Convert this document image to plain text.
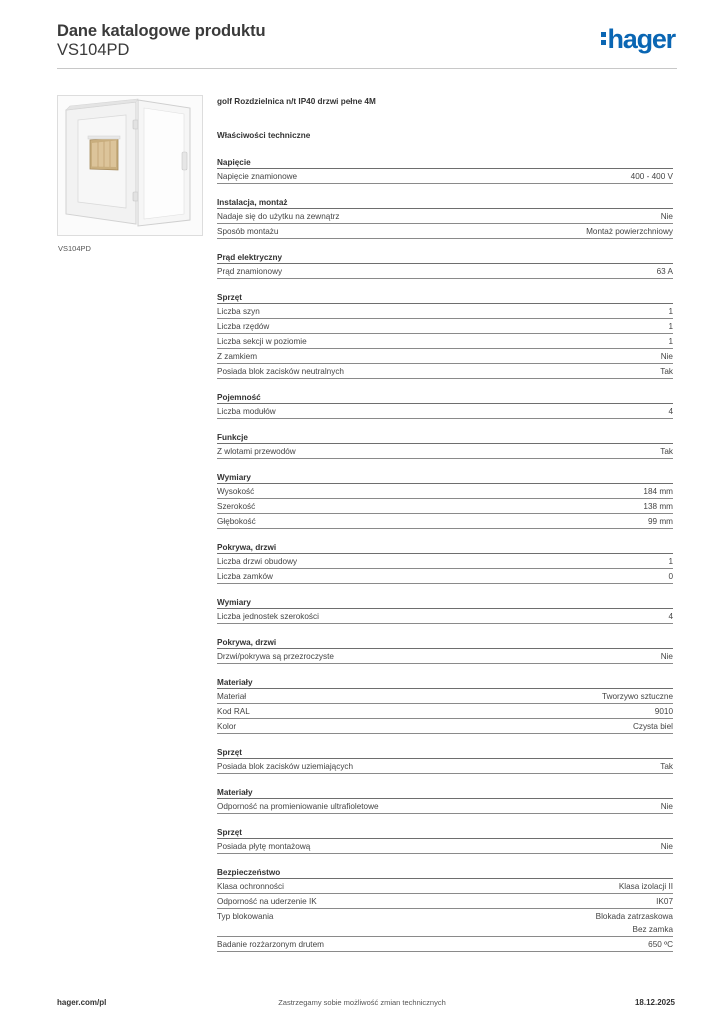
Dane katalogowe produktu
VS104PD	hager
VS104PD
golf Rozdzielnica n/t IP40 drzwi pełne 4M
Właściwości techniczne
Napięcie
Napięcie znamionowe	400 - 400 V
Instalacja, montaż
Nadaje się do użytku na zewnątrz	Nie
Sposób montażu	Montaż powierzchniowy
Prąd elektryczny
Prąd znamionowy	63 A
Sprzęt
Liczba szyn	1
Liczba rzędów	1
Liczba sekcji w poziomie	1
Z zamkiem	Nie
Posiada blok zacisków neutralnych	Tak
Pojemność
Liczba modułów	4
Funkcje
Z wlotami przewodów	Tak
Wymiary
Wysokość	184 mm
Szerokość	138 mm
Głębokość	99 mm
Pokrywa, drzwi
Liczba drzwi obudowy	1
Liczba zamków	0
Wymiary
Liczba jednostek szerokości	4
Pokrywa, drzwi
Drzwi/pokrywa są przezroczyste	Nie
Materiały
Materiał	Tworzywo sztuczne
Kod RAL	9010
Kolor	Czysta biel
Sprzęt
Posiada blok zacisków uziemiających	Tak
Materiały
Odporność na promieniowanie ultrafioletowe	Nie
Sprzęt
Posiada płytę montażową	Nie
Bezpieczeństwo
Klasa ochronności	Klasa izolacji II
Odporność na uderzenie IK	IK07
Typ blokowania	Blokada zatrzaskowa
Bez zamka
Badanie rozżarzonym drutem	650 ºC
hager.com/pl	Zastrzegamy sobie możliwość zmian technicznych	18.12.2025
